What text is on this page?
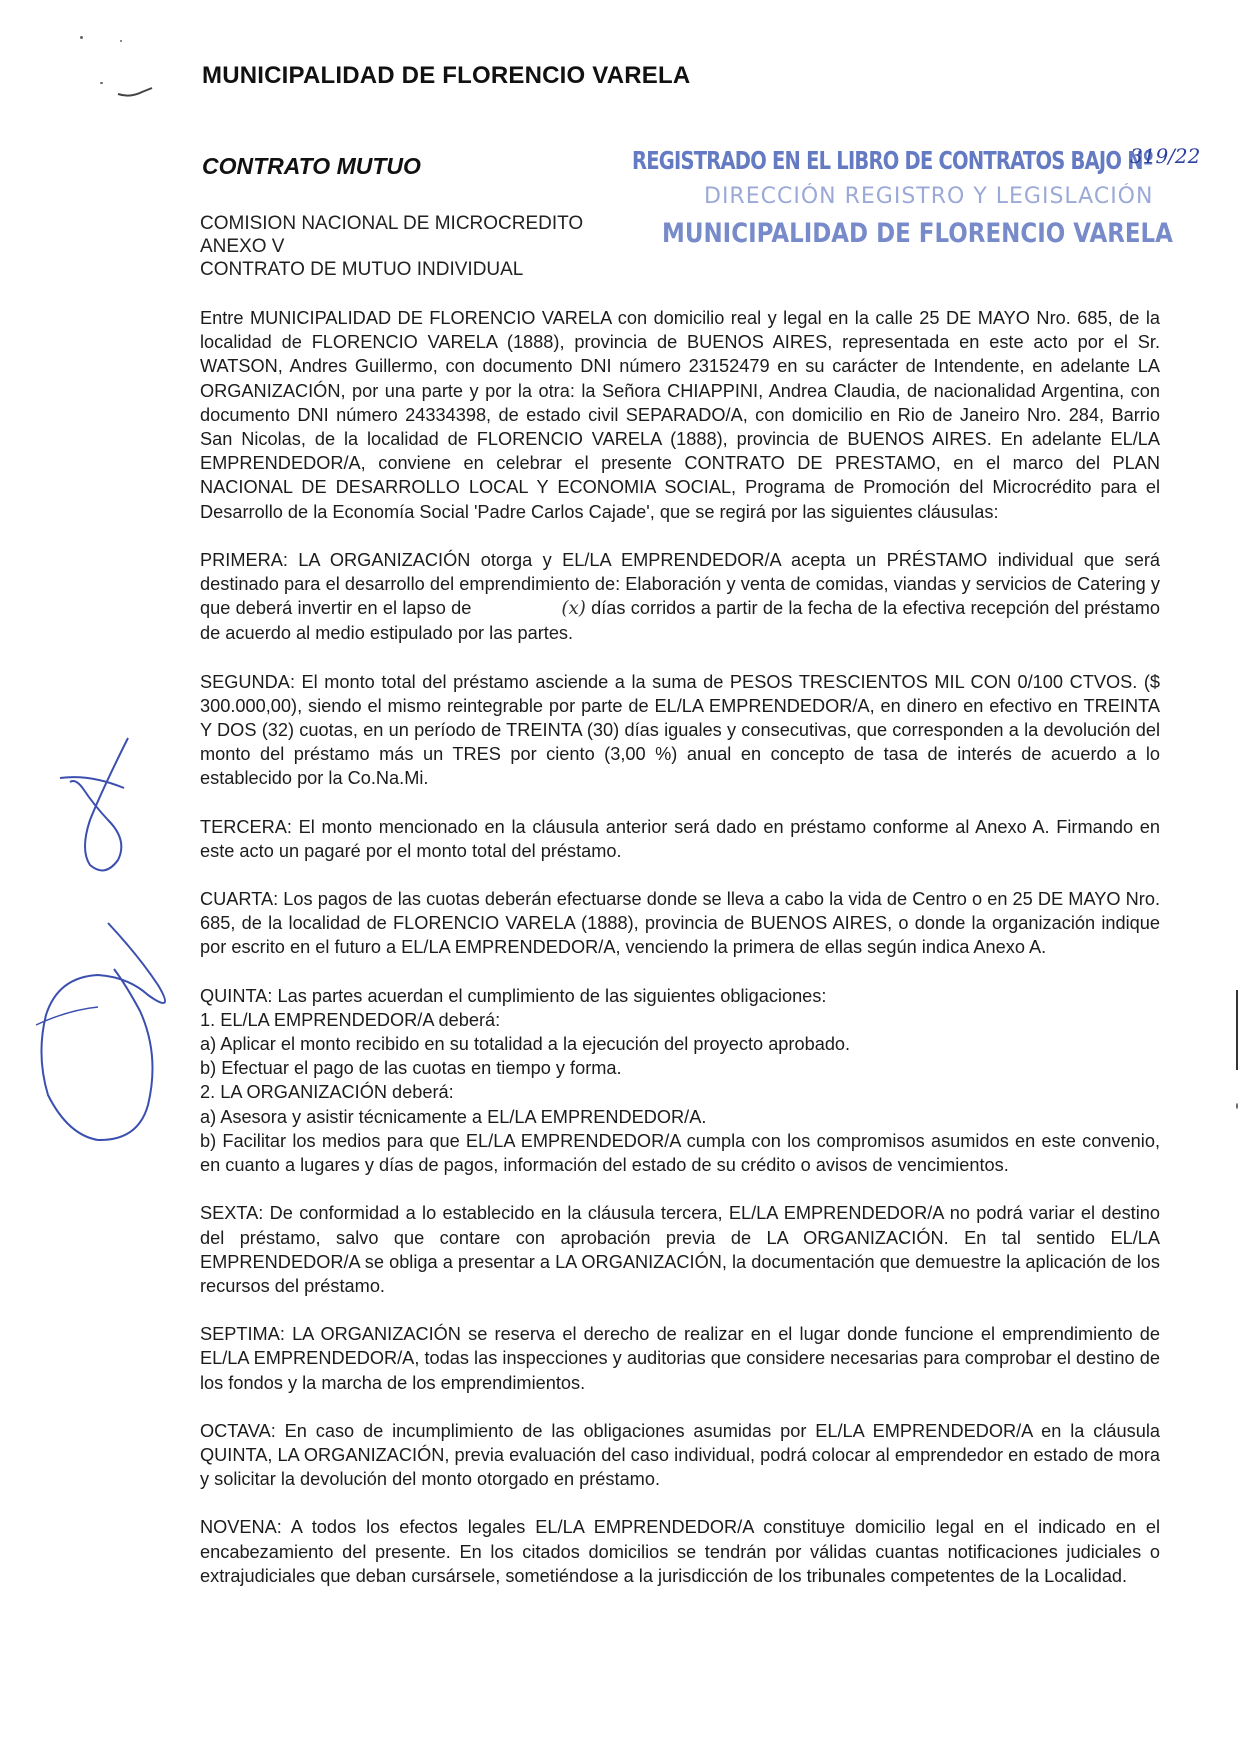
MUNICIPALIDAD DE FLORENCIO VARELA
CONTRATO MUTUO
COMISION NACIONAL DE MICROCREDITO
ANEXO V
CONTRATO DE MUTUO INDIVIDUAL
REGISTRADO EN EL LIBRO DE CONTRATOS BAJO Nº
319/22
DIRECCIÓN REGISTRO Y LEGISLACIÓN
MUNICIPALIDAD DE FLORENCIO VARELA

Entre MUNICIPALIDAD DE FLORENCIO VARELA con domicilio real y legal en la calle 25 DE MAYO Nro. 685, de la localidad de FLORENCIO VARELA (1888), provincia de BUENOS AIRES, representada en este acto por el Sr. WATSON, Andres Guillermo, con documento DNI número 23152479 en su carácter de Intendente, en adelante LA ORGANIZACIÓN, por una parte y por la otra: la Señora CHIAPPINI, Andrea Claudia, de nacionalidad Argentina, con documento DNI número 24334398, de estado civil SEPARADO/A, con domicilio en Rio de Janeiro Nro. 284, Barrio San Nicolas, de la localidad de FLORENCIO VARELA (1888), provincia de BUENOS AIRES. En adelante EL/LA EMPRENDEDOR/A, conviene en celebrar el presente CONTRATO DE PRESTAMO, en el marco del PLAN NACIONAL DE DESARROLLO LOCAL Y ECONOMIA SOCIAL, Programa de Promoción del Microcrédito para el Desarrollo de la Economía Social 'Padre Carlos Cajade', que se regirá por las siguientes cláusulas:

PRIMERA: LA ORGANIZACIÓN otorga y EL/LA EMPRENDEDOR/A acepta un PRÉSTAMO individual que será destinado para el desarrollo del emprendimiento de: Elaboración y venta de comidas, viandas y servicios de Catering y que deberá invertir en el lapso de	(x) días corridos a partir de la fecha de la efectiva recepción del préstamo de acuerdo al medio estipulado por las partes.

SEGUNDA: El monto total del préstamo asciende a la suma de PESOS TRESCIENTOS MIL CON 0/100 CTVOS. ($ 300.000,00), siendo el mismo reintegrable por parte de EL/LA EMPRENDEDOR/A, en dinero en efectivo en TREINTA Y DOS (32) cuotas, en un período de TREINTA (30) días iguales y consecutivas, que corresponden a la devolución del monto del préstamo más un TRES por ciento (3,00 %) anual en concepto de tasa de interés de acuerdo a lo establecido por la Co.Na.Mi.

TERCERA: El monto mencionado en la cláusula anterior será dado en préstamo conforme al Anexo A. Firmando en este acto un pagaré por el monto total del préstamo.

CUARTA: Los pagos de las cuotas deberán efectuarse donde se lleva a cabo la vida de Centro o en 25 DE MAYO Nro. 685, de la localidad de FLORENCIO VARELA (1888), provincia de BUENOS AIRES, o donde la organización indique por escrito en el futuro a EL/LA EMPRENDEDOR/A, venciendo la primera de ellas según indica Anexo A.

QUINTA: Las partes acuerdan el cumplimiento de las siguientes obligaciones:
1. EL/LA EMPRENDEDOR/A deberá:
a) Aplicar el monto recibido en su totalidad a la ejecución del proyecto aprobado.
b) Efectuar el pago de las cuotas en tiempo y forma.
2. LA ORGANIZACIÓN deberá:
a) Asesora y asistir técnicamente a EL/LA EMPRENDEDOR/A.
b) Facilitar los medios para que EL/LA EMPRENDEDOR/A cumpla con los compromisos asumidos en este convenio, en cuanto a lugares y días de pagos, información del estado de su crédito o avisos de vencimientos.

SEXTA: De conformidad a lo establecido en la cláusula tercera, EL/LA EMPRENDEDOR/A no podrá variar el destino del préstamo, salvo que contare con aprobación previa de LA ORGANIZACIÓN. En tal sentido EL/LA EMPRENDEDOR/A se obliga a presentar a LA ORGANIZACIÓN, la documentación que demuestre la aplicación de los recursos del préstamo.

SEPTIMA: LA ORGANIZACIÓN se reserva el derecho de realizar en el lugar donde funcione el emprendimiento de EL/LA EMPRENDEDOR/A, todas las inspecciones y auditorias que considere necesarias para comprobar el destino de los fondos y la marcha de los emprendimientos.

OCTAVA: En caso de incumplimiento de las obligaciones asumidas por EL/LA EMPRENDEDOR/A en la cláusula QUINTA, LA ORGANIZACIÓN, previa evaluación del caso individual, podrá colocar al emprendedor en estado de mora y solicitar la devolución del monto otorgado en préstamo.

NOVENA: A todos los efectos legales EL/LA EMPRENDEDOR/A constituye domicilio legal en el indicado en el encabezamiento del presente. En los citados domicilios se tendrán por válidas cuantas notificaciones judiciales o extrajudiciales que deban cursársele, sometiéndose a la jurisdicción de los tribunales competentes de la Localidad.
